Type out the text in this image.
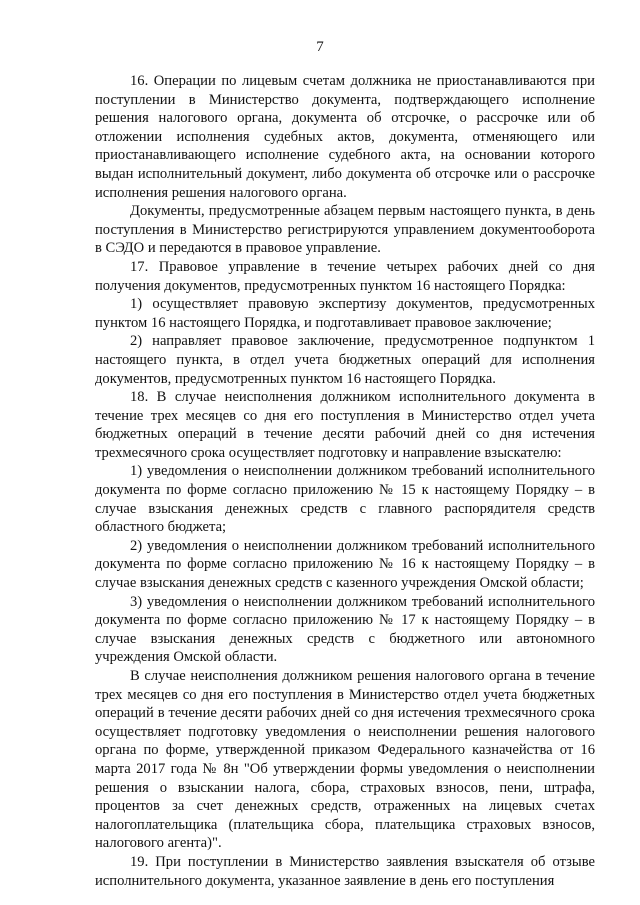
7

16. Операции по лицевым счетам должника не приостанавливаются при поступлении в Министерство документа, подтверждающего исполнение решения налогового органа, документа об отсрочке, о рассрочке или об отложении исполнения судебных актов, документа, отменяющего или приостанавливающего исполнение судебного акта, на основании которого выдан исполнительный документ, либо документа об отсрочке или о рассрочке исполнения решения налогового органа.

Документы, предусмотренные абзацем первым настоящего пункта, в день поступления в Министерство регистрируются управлением документооборота в СЭДО и передаются в правовое управление.

17. Правовое управление в течение четырех рабочих дней со дня получения документов, предусмотренных пунктом 16 настоящего Порядка:

1) осуществляет правовую экспертизу документов, предусмотренных пунктом 16 настоящего Порядка, и подготавливает правовое заключение;

2) направляет правовое заключение, предусмотренное подпунктом 1 настоящего пункта, в отдел учета бюджетных операций для исполнения документов, предусмотренных пунктом 16 настоящего Порядка.

18. В случае неисполнения должником исполнительного документа в течение трех месяцев со дня его поступления в Министерство отдел учета бюджетных операций в течение десяти рабочий дней со дня истечения трехмесячного срока осуществляет подготовку и направление взыскателю:

1) уведомления о неисполнении должником требований исполнительного документа по форме согласно приложению № 15 к настоящему Порядку – в случае взыскания денежных средств с главного распорядителя средств областного бюджета;

2) уведомления о неисполнении должником требований исполнительного документа по форме согласно приложению № 16 к настоящему Порядку – в случае взыскания денежных средств с казенного учреждения Омской области;

3) уведомления о неисполнении должником требований исполнительного документа по форме согласно приложению № 17 к настоящему Порядку – в случае взыскания денежных средств с бюджетного или автономного учреждения Омской области.

В случае неисполнения должником решения налогового органа в течение трех месяцев со дня его поступления в Министерство отдел учета бюджетных операций в течение десяти рабочих дней со дня истечения трехмесячного срока осуществляет подготовку уведомления о неисполнении решения налогового органа по форме, утвержденной приказом Федерального казначейства от 16 марта 2017 года № 8н "Об утверждении формы уведомления о неисполнении решения о взыскании налога, сбора, страховых взносов, пени, штрафа, процентов за счет денежных средств, отраженных на лицевых счетах налогоплательщика (плательщика сбора, плательщика страховых взносов, налогового агента)".

19. При поступлении в Министерство заявления взыскателя об отзыве исполнительного документа, указанное заявление в день его поступления
